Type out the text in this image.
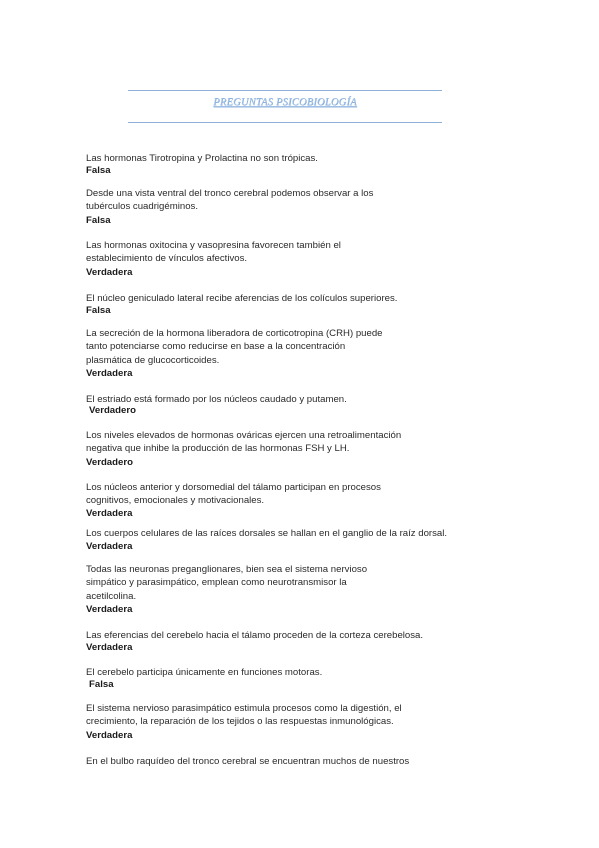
PREGUNTAS PSICOBIOLOGÍA
Las hormonas Tirotropina y Prolactina no son trópicas.
Falsa
Desde una vista ventral del tronco cerebral podemos observar a los
tubérculos cuadrigéminos.
Falsa
Las hormonas oxitocina y vasopresina favorecen también el
establecimiento de vínculos afectivos.
Verdadera
El núcleo geniculado lateral recibe aferencias de los colículos superiores.
Falsa
La secreción de la hormona liberadora de corticotropina (CRH) puede
tanto potenciarse como reducirse en base a la concentración
plasmática de glucocorticoides.
Verdadera
El estriado está formado por los núcleos caudado y putamen.
Verdadero
Los niveles elevados de hormonas ováricas ejercen una retroalimentación
negativa que inhibe la producción de las hormonas FSH y LH.
Verdadero
Los núcleos anterior y dorsomedial del tálamo participan en procesos
cognitivos, emocionales y motivacionales.
Verdadera
Los cuerpos celulares de las raíces dorsales se hallan en el ganglio de la raíz dorsal.
Verdadera
Todas las neuronas preganglionares, bien sea el sistema nervioso
simpático y parasimpático, emplean como neurotransmisor la
acetilcolina.
Verdadera
Las eferencias del cerebelo hacia el tálamo proceden de la corteza cerebelosa.
Verdadera
El cerebelo participa únicamente en funciones motoras.
Falsa
El sistema nervioso parasimpático estimula procesos como la digestión, el
crecimiento, la reparación de los tejidos o las respuestas inmunológicas.
Verdadera
En el bulbo raquídeo del tronco cerebral se encuentran muchos de nuestros
